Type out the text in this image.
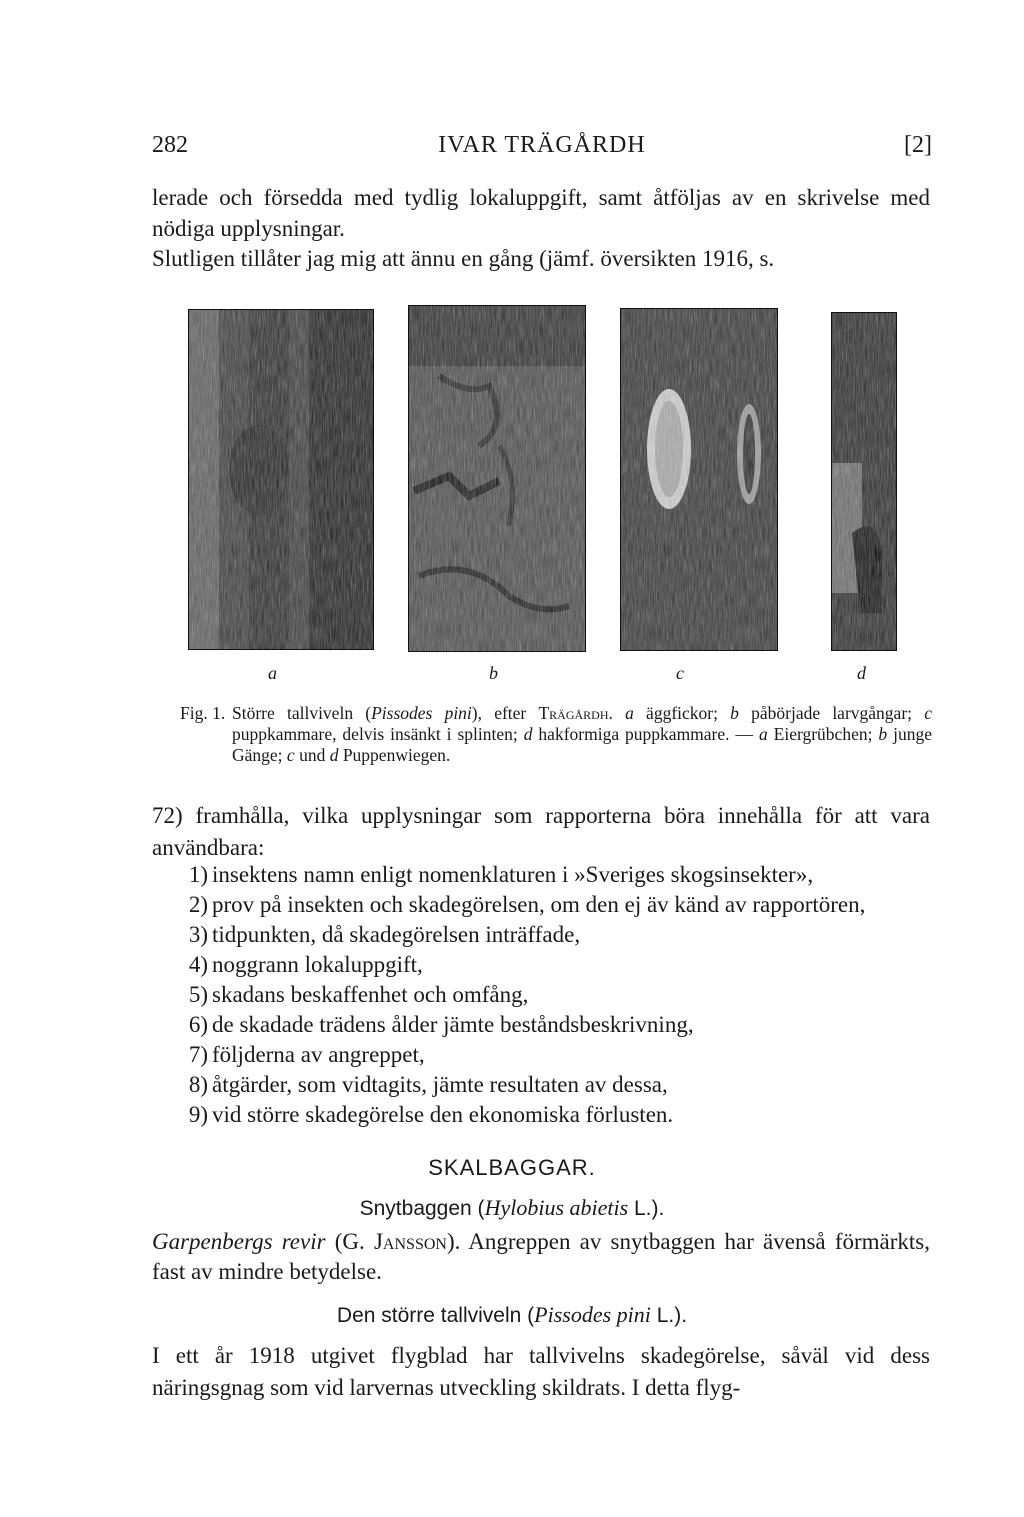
282	IVAR TRÄGÅRDH	[2]

lerade och försedda med tydlig lokaluppgift, samt åtföljas av en skrivelse med nödiga upplysningar.

Slutligen tillåter jag mig att ännu en gång (jämf. översikten 1916, s.

a	b	c	d
Fig. 1. Större tallviveln (Pissodes pini), efter Trägårdh. a äggfickor; b påbörjade larvgångar; c puppkammare, delvis insänkt i splinten; d hakformiga puppkammare. — a Eiergrübchen; b junge Gänge; c und d Puppenwiegen.

72) framhålla, vilka upplysningar som rapporterna böra innehålla för att vara användbara:

1) insektens namn enligt nomenklaturen i »Sveriges skogsinsekter»,
2) prov på insekten och skadegörelsen, om den ej äv känd av rapportören,
3) tidpunkten, då skadegörelsen inträffade,
4) noggrann lokaluppgift,
5) skadans beskaffenhet och omfång,
6) de skadade trädens ålder jämte beståndsbeskrivning,
7) följderna av angreppet,
8) åtgärder, som vidtagits, jämte resultaten av dessa,
9) vid större skadegörelse den ekonomiska förlusten.
SKALBAGGAR.
Snytbaggen (Hylobius abietis L.).

Garpenbergs revir (G. Jansson). Angreppen av snytbaggen har ävenså förmärkts, fast av mindre betydelse.

Den större tallviveln (Pissodes pini L.).

I ett år 1918 utgivet flygblad har tallvivelns skadegörelse, såväl vid dess näringsgnag som vid larvernas utveckling skildrats. I detta flyg-
